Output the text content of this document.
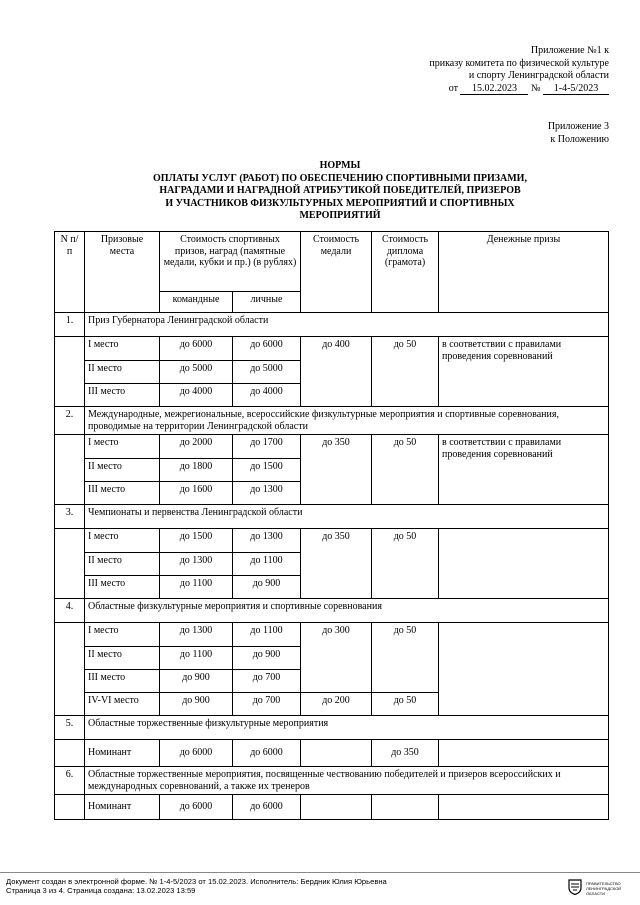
Приложение №1 к
приказу комитета по физической культуре
и спорту Ленинградской области
от 15.02.2023 № 1-4-5/2023
Приложение 3
к Положению
НОРМЫ
ОПЛАТЫ УСЛУГ (РАБОТ) ПО ОБЕСПЕЧЕНИЮ СПОРТИВНЫМИ ПРИЗАМИ,
НАГРАДАМИ И НАГРАДНОЙ АТРИБУТИКОЙ ПОБЕДИТЕЛЕЙ, ПРИЗЕРОВ
И УЧАСТНИКОВ ФИЗКУЛЬТУРНЫХ МЕРОПРИЯТИЙ И СПОРТИВНЫХ
МЕРОПРИЯТИЙ
N п/п	Призовые места	Стоимость спортивных призов, наград (памятные медали, кубки и пр.) (в рублях)		Стоимость медали	Стоимость диплома (грамота)	Денежные призы
		командные	личные			
1.	Приз Губернатора Ленинградской области					
	I место	до 6000	до 6000	до 400	до 50	в соответствии с правилами проведения соревнований
	II место	до 5000	до 5000			
	III место	до 4000	до 4000			
2.	Международные, межрегиональные, всероссийские физкультурные мероприятия и спортивные соревнования, проводимые на территории Ленинградской области					
	I место	до 2000	до 1700	до 350	до 50	в соответствии с правилами проведения соревнований
	II место	до 1800	до 1500			
	III место	до 1600	до 1300			
3.	Чемпионаты и первенства Ленинградской области					
	I место	до 1500	до 1300	до 350	до 50	
	II место	до 1300	до 1100			
	III место	до 1100	до 900			
4.	Областные физкультурные мероприятия и спортивные соревнования					
	I место	до 1300	до 1100	до 300	до 50	
	II место	до 1100	до 900			
	III место	до 900	до 700			
	IV-VI место	до 900	до 700	до 200	до 50	
5.	Областные торжественные физкультурные мероприятия					
	Номинант	до 6000	до 6000		до 350	
6.	Областные торжественные мероприятия, посвященные чествованию победителей и призеров всероссийских и международных соревнований, а также их тренеров					
	Номинант	до 6000	до 6000			
Документ создан в электронной форме. № 1-4-5/2023 от 15.02.2023. Исполнитель: Бердник Юлия Юрьевна
Страница 3 из 4. Страница создана: 13.02.2023 13:59
ПРАВИТЕЛЬСТВО ЛЕНИНГРАДСКОЙ ОБЛАСТИ
